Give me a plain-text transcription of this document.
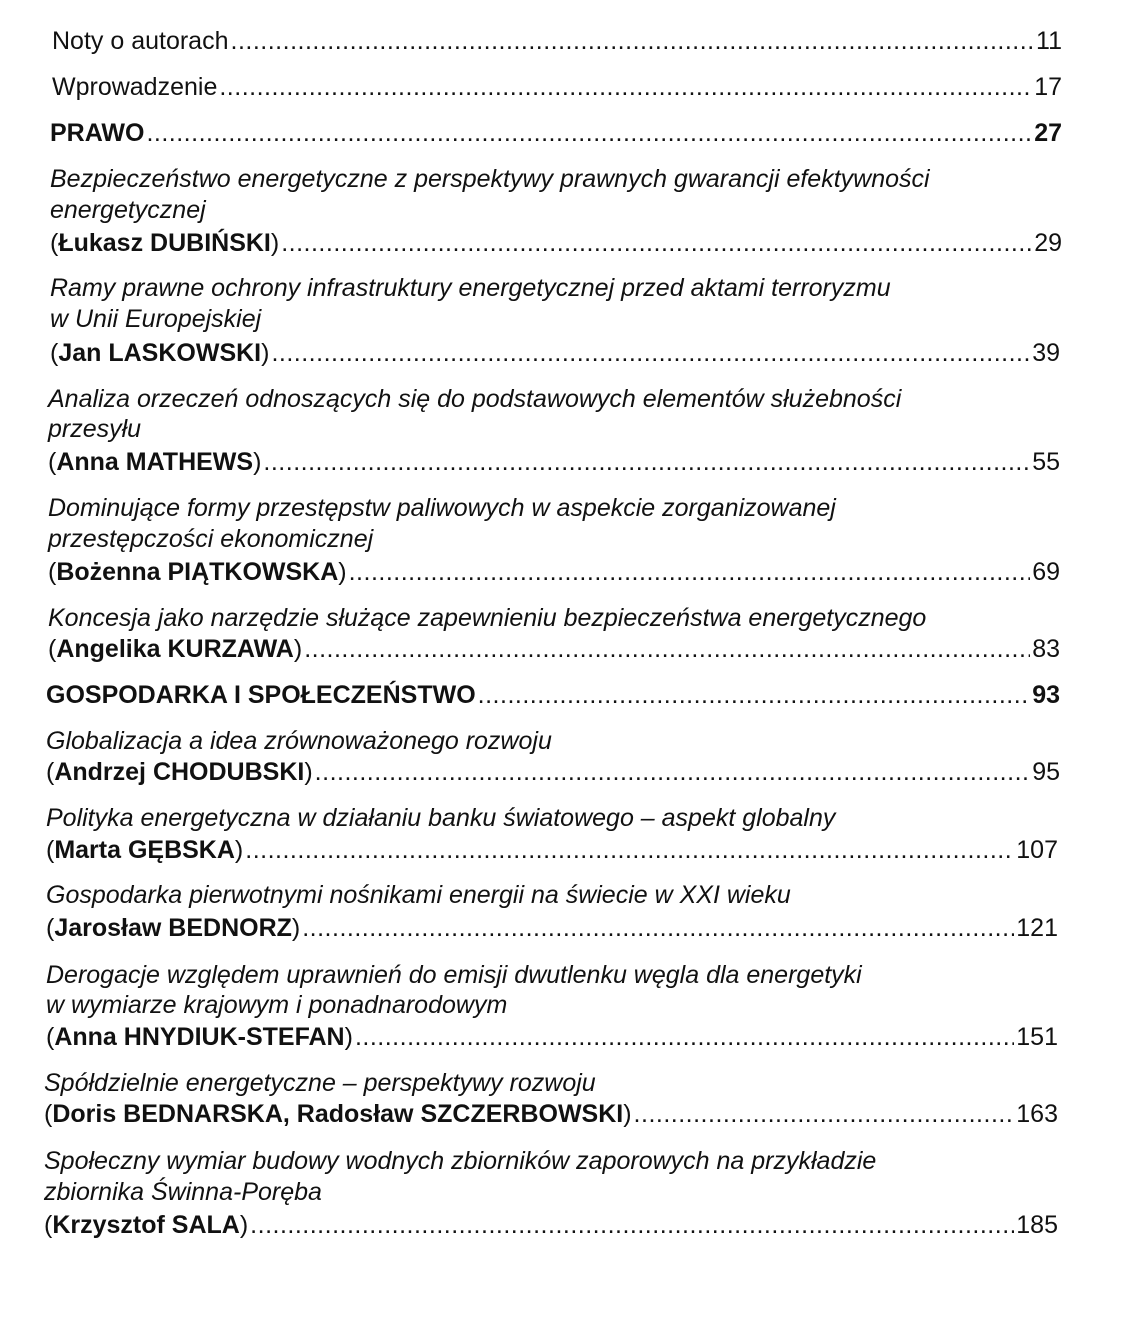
Noty o autorach .....	11
Wprowadzenie .....	17
PRAWO .....	27
Bezpieczeństwo energetyczne z perspektywy prawnych gwarancji efektywności
energetycznej
(Łukasz DUBIŃSKI) .....	29
Ramy prawne ochrony infrastruktury energetycznej przed aktami terroryzmu
w Unii Europejskiej
(Jan LASKOWSKI) .....	39
Analiza orzeczeń odnoszących się do podstawowych elementów służebności
przesyłu
(Anna MATHEWS) .....	55
Dominujące formy przestępstw paliwowych w aspekcie zorganizowanej
przestępczości ekonomicznej
(Bożenna PIĄTKOWSKA) .....	69
Koncesja jako narzędzie służące zapewnieniu bezpieczeństwa energetycznego
(Angelika KURZAWA) .....	83
GOSPODARKA I SPOŁECZEŃSTWO .....	93
Globalizacja a idea zrównoważonego rozwoju
(Andrzej CHODUBSKI) .....	95
Polityka energetyczna w działaniu banku światowego – aspekt globalny
(Marta GĘBSKA) .....	107
Gospodarka pierwotnymi nośnikami energii na świecie w XXI wieku
(Jarosław BEDNORZ) .....	121
Derogacje względem uprawnień do emisji dwutlenku węgla dla energetyki
w wymiarze krajowym i ponadnarodowym
(Anna HNYDIUK-STEFAN) .....	151
Spółdzielnie energetyczne – perspektywy rozwoju
(Doris BEDNARSKA, Radosław SZCZERBOWSKI) .....	163
Społeczny wymiar budowy wodnych zbiorników zaporowych na przykładzie
zbiornika Świnna-Poręba
(Krzysztof SALA) .....	185
